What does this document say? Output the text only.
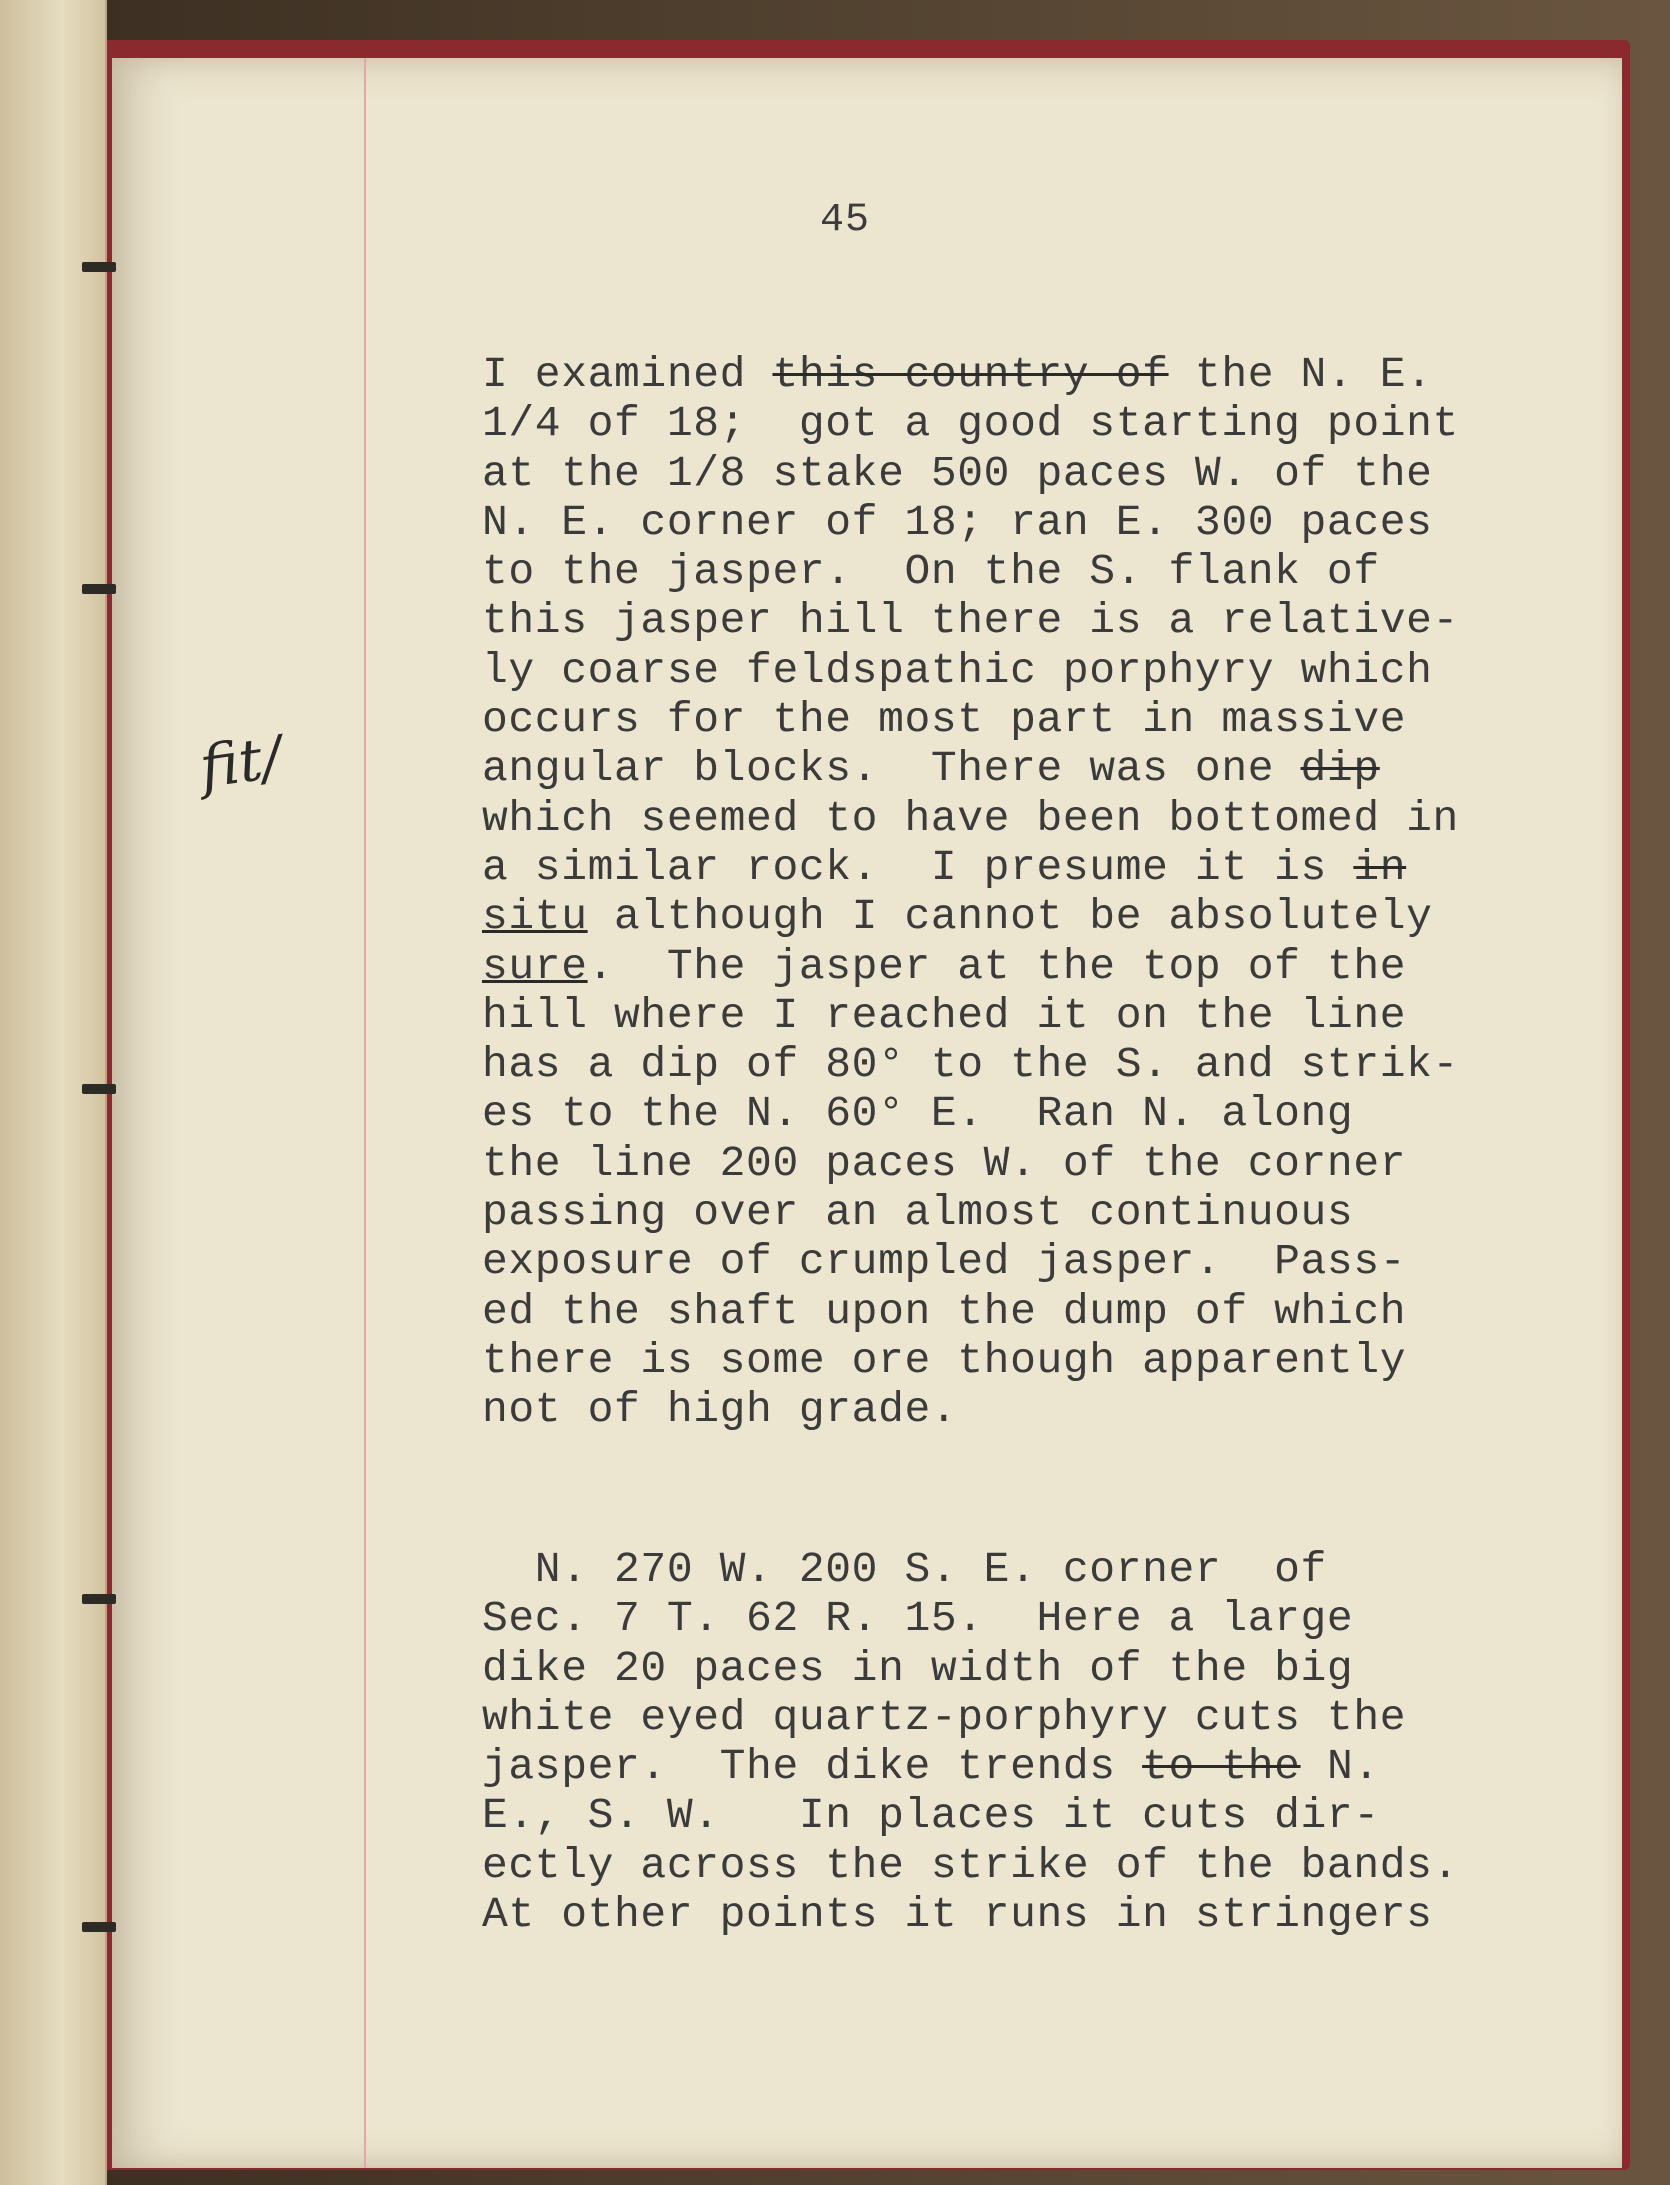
45
fit/
I examined this country of the N. E.
1/4 of 18;  got a good starting point
at the 1/8 stake 500 paces W. of the
N. E. corner of 18; ran E. 300 paces
to the jasper.  On the S. flank of
this jasper hill there is a relative-
ly coarse feldspathic porphyry which
occurs for the most part in massive
angular blocks.  There was one dip
which seemed to have been bottomed in
a similar rock.  I presume it is in
situ although I cannot be absolutely
sure.  The jasper at the top of the
hill where I reached it on the line
has a dip of 80° to the S. and strik-
es to the N. 60° E.  Ran N. along
the line 200 paces W. of the corner
passing over an almost continuous
exposure of crumpled jasper.  Pass-
ed the shaft upon the dump of which
there is some ore though apparently
not of high grade.
N. 270 W. 200 S. E. corner  of
Sec. 7 T. 62 R. 15.  Here a large
dike 20 paces in width of the big
white eyed quartz-porphyry cuts the
jasper.  The dike trends to the N.
E., S. W.   In places it cuts dir-
ectly across the strike of the bands.
At other points it runs in stringers
